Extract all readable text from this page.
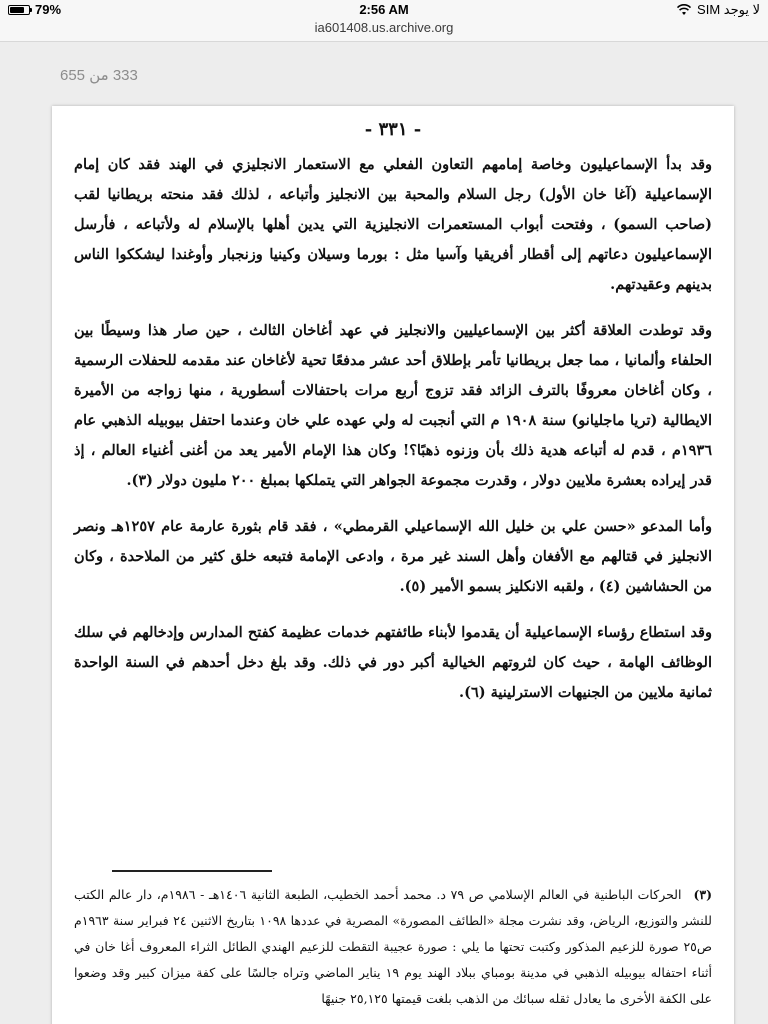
79%	2:56 AM	لا يوجد SIM
ia601408.us.archive.org
333 من 655
- ٣٣١ -

وقد بدأ الإسماعيليون وخاصة إمامهم التعاون الفعلي مع الاستعمار الانجليزي في الهند فقد كان إمام الإسماعيلية (آغا خان الأول) رجل السلام والمحبة بين الانجليز وأتباعه ، لذلك فقد منحته بريطانيا لقب (صاحب السمو) ، وفتحت أبواب المستعمرات الانجليزية التي يدين أهلها بالإسلام له ولأتباعه ، فأرسل الإسماعيليون دعاتهم إلى أقطار أفريقيا وآسيا مثل : بورما وسيلان وكينيا وزنجبار وأوغندا ليشككوا الناس بدينهم وعقيدتهم.

وقد توطدت العلاقة أكثر بين الإسماعيليين والانجليز في عهد أغاخان الثالث ، حين صار هذا وسيطًا بين الحلفاء وألمانيا ، مما جعل بريطانيا تأمر بإطلاق أحد عشر مدفعًا تحية لأغاخان عند مقدمه للحفلات الرسمية ، وكان أغاخان معروفًا بالترف الزائد فقد تزوج أربع مرات باحتفالات أسطورية ، منها زواجه من الأميرة الايطالية (تريا ماجليانو) سنة ١٩٠٨ م التي أنجبت له ولي عهده علي خان وعندما احتفل بيوبيله الذهبي عام ١٩٣٦م ، قدم له أتباعه هدية ذلك بأن وزنوه ذهبًا؟! وكان هذا الإمام الأمير يعد من أغنى أغنياء العالم ، إذ قدر إيراده بعشرة ملايين دولار ، وقدرت مجموعة الجواهر التي يتملكها بمبلغ ٢٠٠ مليون دولار (٣).

وأما المدعو «حسن علي بن خليل الله الإسماعيلي القرمطي» ، فقد قام بثورة عارمة عام ١٢٥٧هـ ونصر الانجليز في قتالهم مع الأفغان وأهل السند غير مرة ، وادعى الإمامة فتبعه خلق كثير من الملاحدة ، وكان من الحشاشين (٤) ، ولقبه الانكليز بسمو الأمير (٥).

وقد استطاع رؤساء الإسماعيلية أن يقدموا لأبناء طائفتهم خدمات عظيمة كفتح المدارس وإدخالهم في سلك الوظائف الهامة ، حيث كان لثروتهم الخيالية أكبر دور في ذلك. وقد بلغ دخل أحدهم في السنة الواحدة ثمانية ملايين من الجنيهات الاسترلينية (٦).

(٣)الحركات الباطنية في العالم الإسلامي ص ٧٩ د. محمد أحمد الخطيب، الطبعة الثانية ١٤٠٦هـ - ١٩٨٦م، دار عالم الكتب للنشر والتوزيع، الرياض، وقد نشرت مجلة «الطائف المصورة» المصرية في عددها ١٠٩٨ بتاريخ الاثنين ٢٤ فبراير سنة ١٩٦٣م ص٢٥ صورة للزعيم المذكور وكتبت تحتها ما يلي : صورة عجيبة التقطت للزعيم الهندي الطائل الثراء المعروف أغا خان في أثناء احتفاله بيوبيله الذهبي في مدينة بومباي ببلاد الهند يوم ١٩ يناير الماضي وتراه جالسًا على كفة ميزان كبير وقد وضعوا على الكفة الأخرى ما يعادل ثقله سبائك من الذهب بلغت قيمتها ٢٥,١٢٥ جنيهًا
